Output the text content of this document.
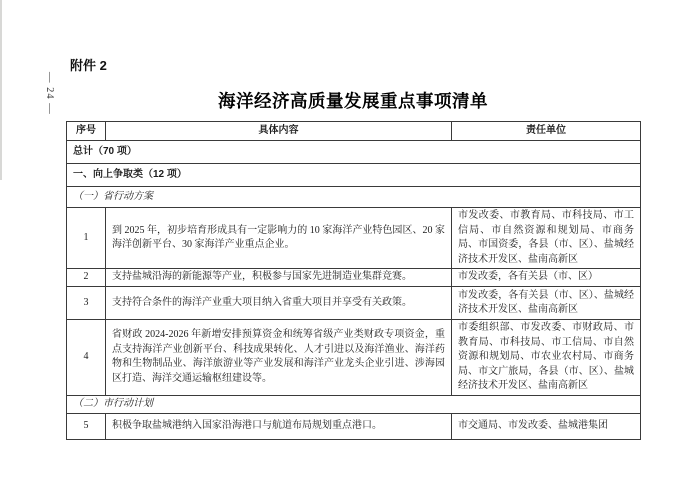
— 24 —
附件 2
海洋经济高质量发展重点事项清单
序号	具体内容	责任单位
总计（70 项）		
一、向上争取类（12 项）		
（一）省行动方案		
1	到 2025 年，初步培育形成具有一定影响力的 10 家海洋产业特色园区、20 家海洋创新平台、30 家海洋产业重点企业。	市发改委、市教育局、市科技局、市工信局、市自然资源和规划局、市商务局、市国资委，各县（市、区）、盐城经济技术开发区、盐南高新区
2	支持盐城沿海的新能源等产业，积极参与国家先进制造业集群竞赛。	市发改委，各有关县（市、区）
3	支持符合条件的海洋产业重大项目纳入省重大项目并享受有关政策。	市发改委，各有关县（市、区）、盐城经济技术开发区、盐南高新区
4	省财政 2024-2026 年新增安排预算资金和统筹省级产业类财政专项资金，重点支持海洋产业创新平台、科技成果转化、人才引进以及海洋渔业、海洋药物和生物制品业、海洋旅游业等产业发展和海洋产业龙头企业引进、涉海园区打造、海洋交通运输枢纽建设等。	市委组织部、市发改委、市财政局、市教育局、市科技局、市工信局、市自然资源和规划局、市农业农村局、市商务局、市文广旅局，各县（市、区）、盐城经济技术开发区、盐南高新区
（二）市行动计划		
5	积极争取盐城港纳入国家沿海港口与航道布局规划重点港口。	市交通局、市发改委、盐城港集团
